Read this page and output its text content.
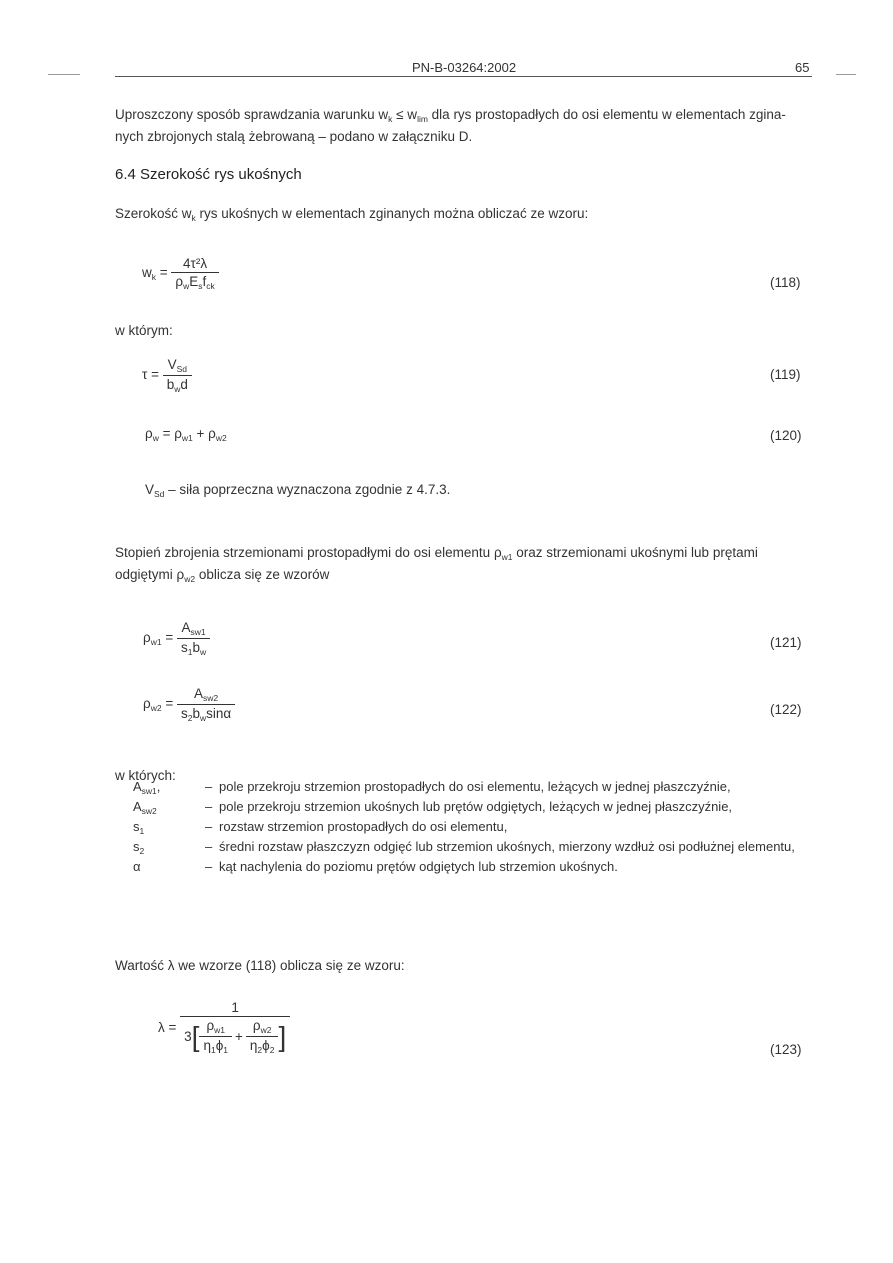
PN-B-03264:2002	65
Uproszczony sposób sprawdzania warunku $w_k \le w_{lim}$ dla rys prostopadłych do osi elementu w elementach zgina-
nych zbrojonych stalą żebrowaną – podano w załączniku D.
6.4 Szerokość rys ukośnych
Szerokość $w_k$ rys ukośnych w elementach zginanych można obliczać ze wzoru:
$w_k = \frac{\text{4τ²λ}}{\rho_wE_sf_{ck}}$	(118)
w którym:
$\tau = \frac{V_{Sd}}{b_wd}$	(119)
$\rho_w = \rho_{w1} + \rho_{w2}$	(120)
$V_{Sd}$ – siła poprzeczna wyznaczona zgodnie z 4.7.3.
Stopień zbrojenia strzemionami prostopadłymi do osi elementu $\rho_{w1}$ oraz strzemionami ukośnymi lub prętami
odgiętymi $\rho_{w2}$ oblicza się ze wzorów
$\rho_{w1} = \frac{A_{sw1}}{s_1b_w}$	(121)
$\rho_{w2} = \frac{A_{sw2}}{s_2b_w\sin\alpha}$	(122)
w których:
$A_{sw1}$,	– pole przekroju strzemion prostopadłych do osi elementu, leżących w jednej płaszczyźnie,
$A_{sw2}$	– pole przekroju strzemion ukośnych lub prętów odgiętych, leżących w jednej płaszczyźnie,
$s_1$	– rozstaw strzemion prostopadłych do osi elementu,
$s_2$	– średni rozstaw płaszczyzn odgięć lub strzemion ukośnych, mierzony wzdłuż osi podłużnej elementu,
α	– kąt nachylenia do poziomu prętów odgiętych lub strzemion ukośnych.
Wartość λ we wzorze (118) oblicza się ze wzoru:
λ =
1
3 [ $\frac{\rho_{w1}}{\eta_1\phi_1} + \frac{\rho_{w2}}{\eta_2\phi_2}$ ]	(123)
